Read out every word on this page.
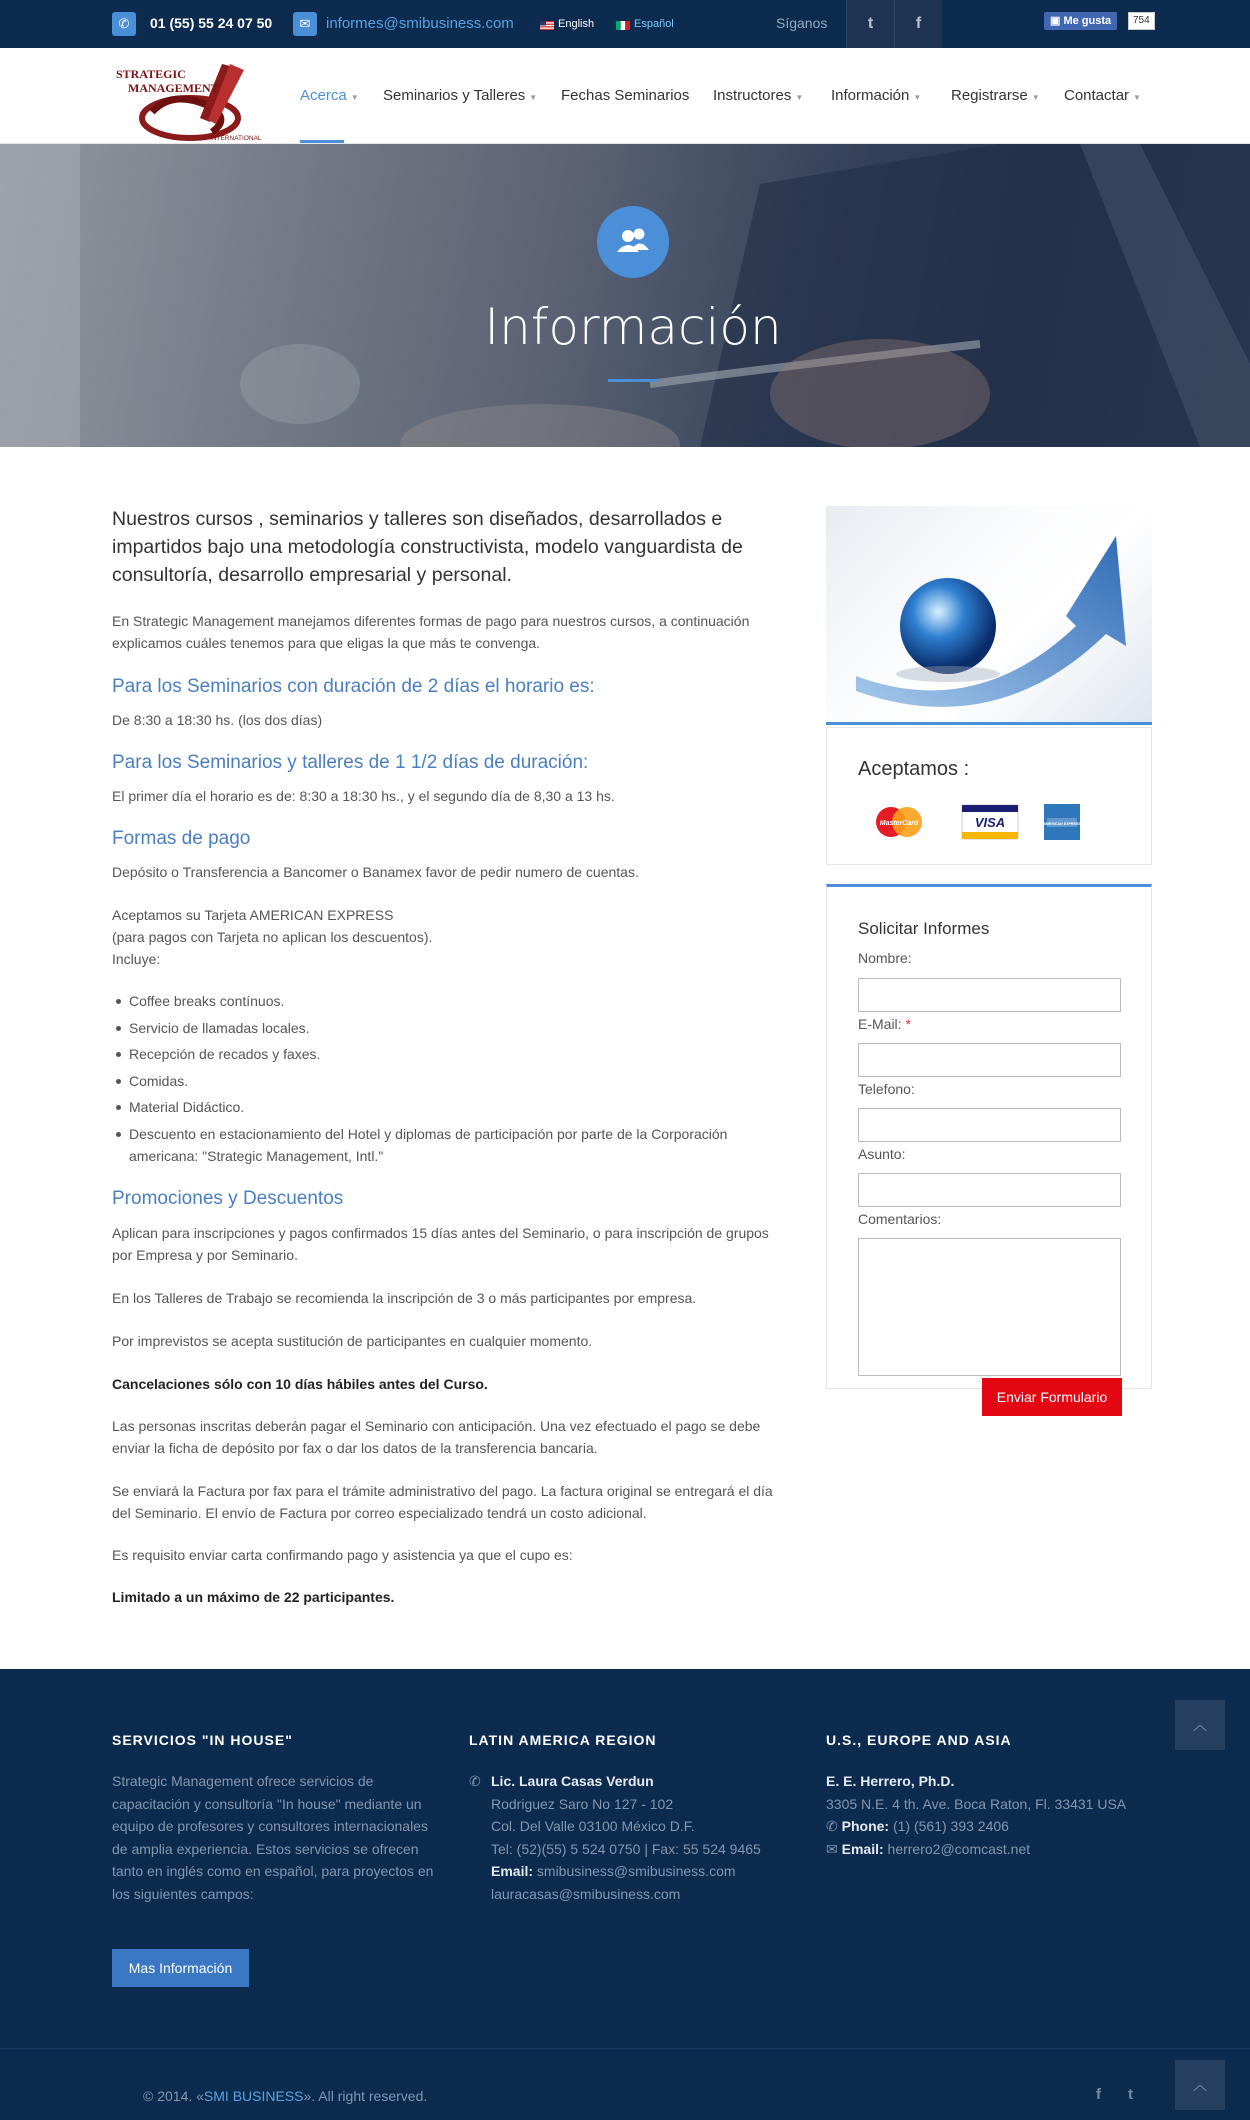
✆	01 (55) 55 24 07 50	✉	informes@smibusiness.com	English	Español	Síganos	t	f	▣ Me gusta	754
STRATEGIC
MANAGEMENT
INTERNATIONAL
Acerca ▼ Seminarios y Talleres ▼ Fechas Seminarios Instructores ▼ Información ▼ Registrarse ▼ Contactar ▼
Información
Nuestros cursos , seminarios y talleres son diseñados, desarrollados e impartidos bajo una metodología constructivista, modelo vanguardista de consultoría, desarrollo empresarial y personal.
En Strategic Management manejamos diferentes formas de pago para nuestros cursos, a continuación explicamos cuáles tenemos para que eligas la que más te convenga.
Para los Seminarios con duración de 2 días el horario es:
De 8:30 a 18:30 hs. (los dos días)
Para los Seminarios y talleres de 1 1/2 días de duración:
El primer día el horario es de: 8:30 a 18:30 hs., y el segundo día de 8,30 a 13 hs.
Formas de pago
Depósito o Transferencia a Bancomer o Banamex favor de pedir numero de cuentas.
Aceptamos su Tarjeta AMERICAN EXPRESS
(para pagos con Tarjeta no aplican los descuentos).
Incluye:
Coffee breaks contínuos.
Servicio de llamadas locales.
Recepción de recados y faxes.
Comidas.
Material Didáctico.
Descuento en estacionamiento del Hotel y diplomas de participación por parte de la Corporación americana: "Strategic Management, Intl."
Promociones y Descuentos
Aplican para inscripciones y pagos confirmados 15 días antes del Seminario, o para inscripción de grupos por Empresa y por Seminario.
En los Talleres de Trabajo se recomienda la inscripción de 3 o más participantes por empresa.
Por imprevistos se acepta sustitución de participantes en cualquier momento.
Cancelaciones sólo con 10 días hábiles antes del Curso.
Las personas inscritas deberán pagar el Seminario con anticipación. Una vez efectuado el pago se debe enviar la ficha de depósito por fax o dar los datos de la transferencia bancaria.
Se enviará la Factura por fax para el trámite administrativo del pago. La factura original se entregará el día del Seminario. El envío de Factura por correo especializado tendrá un costo adicional.
Es requisito enviar carta confirmando pago y asistencia ya que el cupo es:
Limitado a un máximo de 22 participantes.
Aceptamos :
MasterCard	VISA	AMERICAN EXPRESS
Solicitar Informes
Nombre:
E-Mail: *
Telefono:
Asunto:
Comentarios:
Enviar Formulario
SERVICIOS "IN HOUSE"
Strategic Management ofrece servicios de capacitación y consultoría "In house" mediante un equipo de profesores y consultores internacionales de amplia experiencia. Estos servicios se ofrecen tanto en inglés como en español, para proyectos en los siguientes campos:
Mas Información
LATIN AMERICA REGION
✆ Lic. Laura Casas Verdun
Rodriguez Saro No 127 - 102
Col. Del Valle 03100 México D.F.
Tel: (52)(55) 5 524 0750 | Fax: 55 524 9465
Email: smibusiness@smibusiness.com
lauracasas@smibusiness.com
U.S., EUROPE AND ASIA
E. E. Herrero, Ph.D.
3305 N.E. 4 th. Ave. Boca Raton, Fl. 33431 USA
✆ Phone: (1) (561) 393 2406
✉ Email: herrero2@comcast.net
︿
© 2014. «SMI BUSINESS». All right reserved.	f t
︿
